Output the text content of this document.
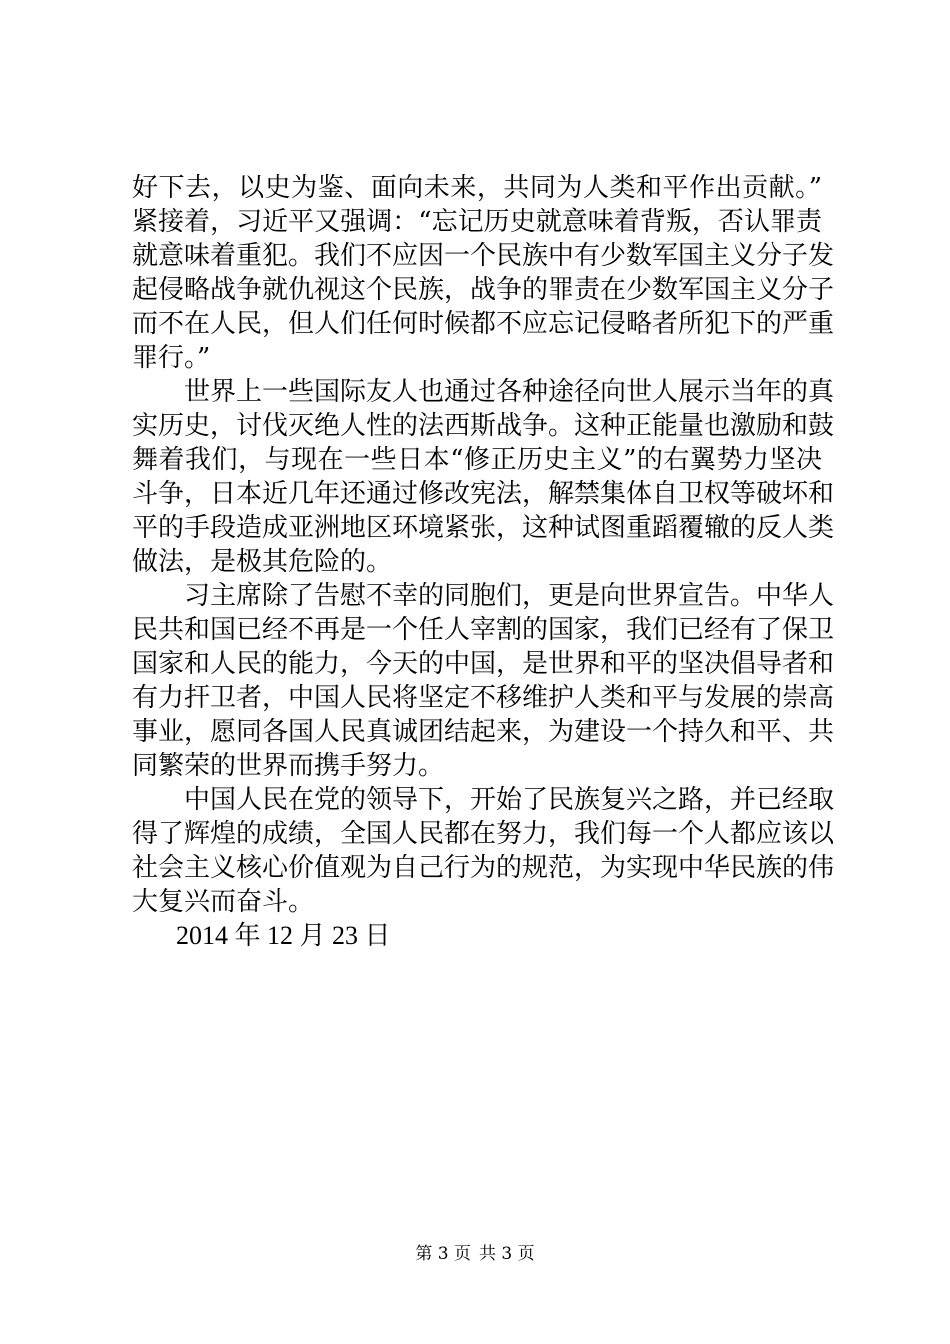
好下去，以史为鉴、面向未来，共同为人类和平作出贡献。”
紧接着，习近平又强调：“忘记历史就意味着背叛，否认罪责
就意味着重犯。我们不应因一个民族中有少数军国主义分子发
起侵略战争就仇视这个民族，战争的罪责在少数军国主义分子
而不在人民，但人们任何时候都不应忘记侵略者所犯下的严重
罪行。”
世界上一些国际友人也通过各种途径向世人展示当年的真
实历史，讨伐灭绝人性的法西斯战争。这种正能量也激励和鼓
舞着我们，与现在一些日本“修正历史主义”的右翼势力坚决
斗争，日本近几年还通过修改宪法，解禁集体自卫权等破坏和
平的手段造成亚洲地区环境紧张，这种试图重蹈覆辙的反人类
做法，是极其危险的。
习主席除了告慰不幸的同胞们，更是向世界宣告。中华人
民共和国已经不再是一个任人宰割的国家，我们已经有了保卫
国家和人民的能力，今天的中国，是世界和平的坚决倡导者和
有力扞卫者，中国人民将坚定不移维护人类和平与发展的崇高
事业，愿同各国人民真诚团结起来，为建设一个持久和平、共
同繁荣的世界而携手努力。
中国人民在党的领导下，开始了民族复兴之路，并已经取
得了辉煌的成绩，全国人民都在努力，我们每一个人都应该以
社会主义核心价值观为自己行为的规范，为实现中华民族的伟
大复兴而奋斗。
2014 年 12 月 23 日
第 3 页 共 3 页
